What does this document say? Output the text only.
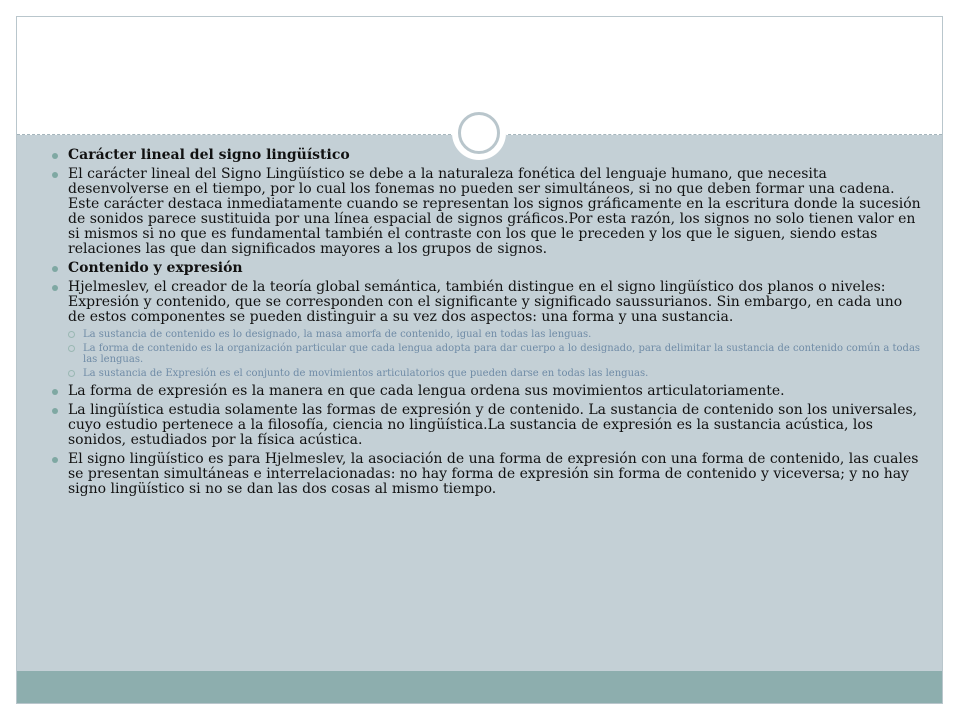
Carácter lineal del signo lingüístico
El carácter lineal del Signo Lingüístico se debe a la naturaleza fonética del lenguaje humano, que necesita desenvolverse en el tiempo, por lo cual los fonemas no pueden ser simultáneos, si no que deben formar una cadena. Este carácter destaca inmediatamente cuando se representan los signos gráficamente en la escritura donde la sucesión de sonidos parece sustituida por una línea espacial de signos gráficos.Por esta razón, los signos no solo tienen valor en si mismos si no que es fundamental también el contraste con los que le preceden y los que le siguen, siendo estas relaciones las que dan significados mayores a los grupos de signos.
Contenido y expresión
Hjelmeslev, el creador de la teoría global semántica, también distingue en el signo lingüístico dos planos o niveles: Expresión y contenido, que se corresponden con el significante y significado saussurianos. Sin embargo, en cada uno de estos componentes se pueden distinguir a su vez dos aspectos: una forma y una sustancia.
La sustancia de contenido es lo designado, la masa amorfa de contenido, igual en todas las lenguas.
La forma de contenido es la organización particular que cada lengua adopta para dar cuerpo a lo designado, para delimitar la sustancia de contenido común a todas las lenguas.
La sustancia de Expresión es el conjunto de movimientos articulatorios que pueden darse en todas las lenguas.
La forma de expresión es la manera en que cada lengua ordena sus movimientos articulatoriamente.
La lingüística estudia solamente las formas de expresión y de contenido. La sustancia de contenido son los universales, cuyo estudio pertenece a la filosofía, ciencia no lingüística.La sustancia de expresión es la sustancia acústica, los sonidos, estudiados por la física acústica.
El signo lingüístico es para Hjelmeslev, la asociación de una forma de expresión con una forma de contenido, las cuales se presentan simultáneas e interrelacionadas: no hay forma de expresión sin forma de contenido y viceversa; y no hay signo lingüístico si no se dan las dos cosas al mismo tiempo.
